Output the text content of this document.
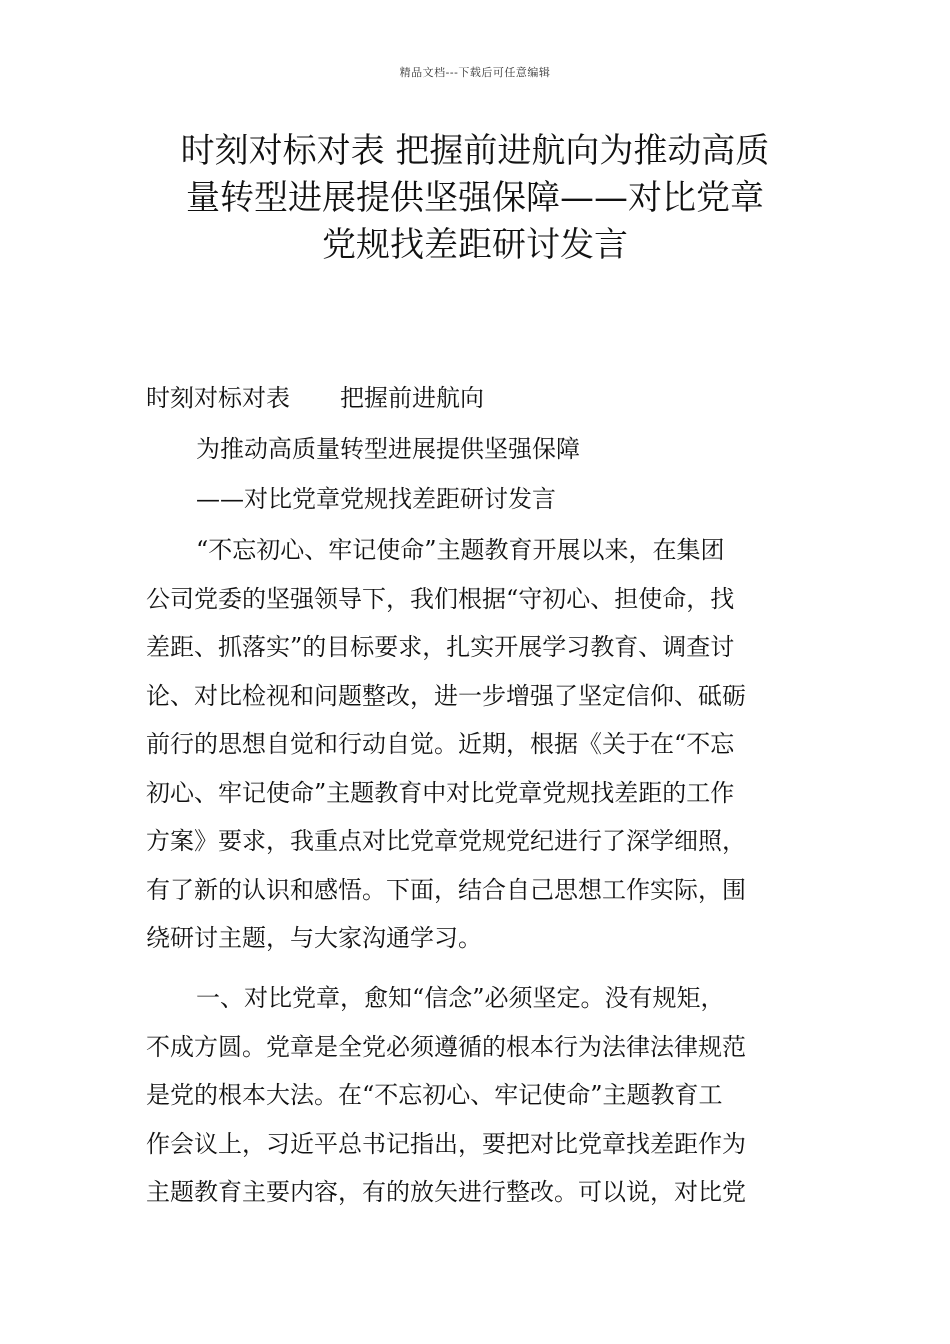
精品文档---下载后可任意编辑
时刻对标对表 把握前进航向为推动高质
量转型进展提供坚强保障——对比党章
党规找差距研讨发言
时刻对标对表 把握前进航向
为推动高质量转型进展提供坚强保障
——对比党章党规找差距研讨发言
“不忘初心、牢记使命”主题教育开展以来，在集团
公司党委的坚强领导下，我们根据“守初心、担使命，找
差距、抓落实”的目标要求，扎实开展学习教育、调查讨
论、对比检视和问题整改，进一步增强了坚定信仰、砥砺
前行的思想自觉和行动自觉。近期，根据《关于在“不忘
初心、牢记使命”主题教育中对比党章党规找差距的工作
方案》要求，我重点对比党章党规党纪进行了深学细照，
有了新的认识和感悟。下面，结合自己思想工作实际，围
绕研讨主题，与大家沟通学习。
一、对比党章，愈知“信念”必须坚定。没有规矩，
不成方圆。党章是全党必须遵循的根本行为法律法律规范
是党的根本大法。在“不忘初心、牢记使命”主题教育工
作会议上，习近平总书记指出，要把对比党章找差距作为
主题教育主要内容，有的放矢进行整改。可以说，对比党
